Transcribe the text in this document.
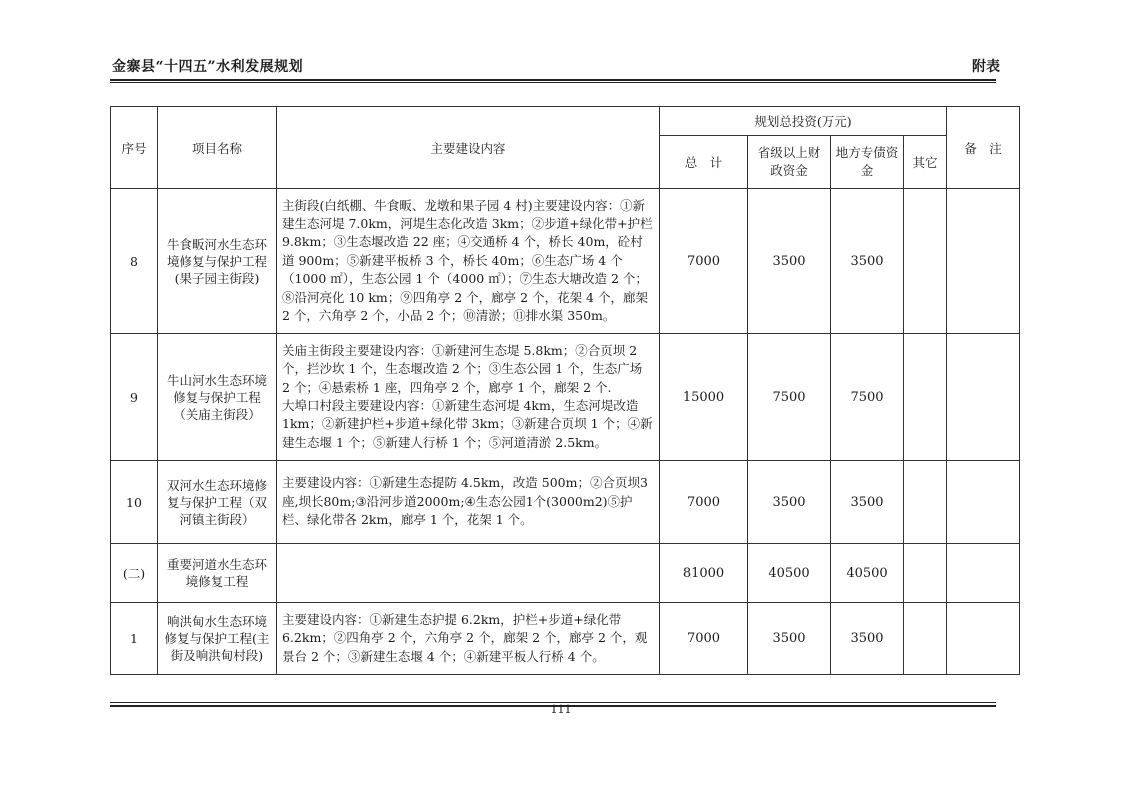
金寨县“十四五”水利发展规划	附表
序号	项目名称	主要建设内容	规划总投资(万元)				备　注
			总　计	省级以上财政资金	地方专债资金	其它	
8	牛食畈河水生态环境修复与保护工程(果子园主街段)	主街段(白纸棚、牛食畈、龙墩和果子园 4 村)主要建设内容：①新建生态河堤 7.0km，河堤生态化改造 3km；②步道+绿化带+护栏 9.8km；③生态堰改造 22 座；④交通桥 4 个，桥长 40m，砼村道 900m；⑤新建平板桥 3 个，桥长 40m；⑥生态广场 4 个（1000 ㎡），生态公园 1 个（4000 ㎡）；⑦生态大塘改造 2 个；⑧沿河亮化 10 km；⑨四角亭 2 个，廊亭 2 个，花架 4 个，廊架 2 个，六角亭 2 个，小品 2 个；⑩清淤；⑪排水渠 350m。	7000	3500	3500		
9	牛山河水生态环境修复与保护工程（关庙主街段）	关庙主街段主要建设内容：①新建河生态堤 5.8km；②合页坝 2 个，拦沙坎 1 个，生态堰改造 2 个；③生态公园 1 个，生态广场 2 个；④悬索桥 1 座，四角亭 2 个，廊亭 1 个，廊架 2 个.
大埠口村段主要建设内容：①新建生态河堤 4km，生态河堤改造 1km；②新建护栏+步道+绿化带 3km；③新建合页坝 1 个；④新建生态堰 1 个；⑤新建人行桥 1 个；⑤河道清淤 2.5km。	15000	7500	7500		
10	双河水生态环境修复与保护工程（双河镇主街段）	主要建设内容：①新建生态提防 4.5km，改造 500m；②合页坝3座,坝长80m;③沿河步道2000m;④生态公园1个(3000m2)⑤护栏、绿化带各 2km，廊亭 1 个，花架 1 个。	7000	3500	3500		
(二)	重要河道水生态环境修复工程		81000	40500	40500		
1	响洪甸水生态环境修复与保护工程(主街及响洪甸村段)	主要建设内容：①新建生态护提 6.2km，护栏+步道+绿化带 6.2km；②四角亭 2 个，六角亭 2 个，廊架 2 个，廊亭 2 个，观景台 2 个；③新建生态堰 4 个；④新建平板人行桥 4 个。	7000	3500	3500		
111
